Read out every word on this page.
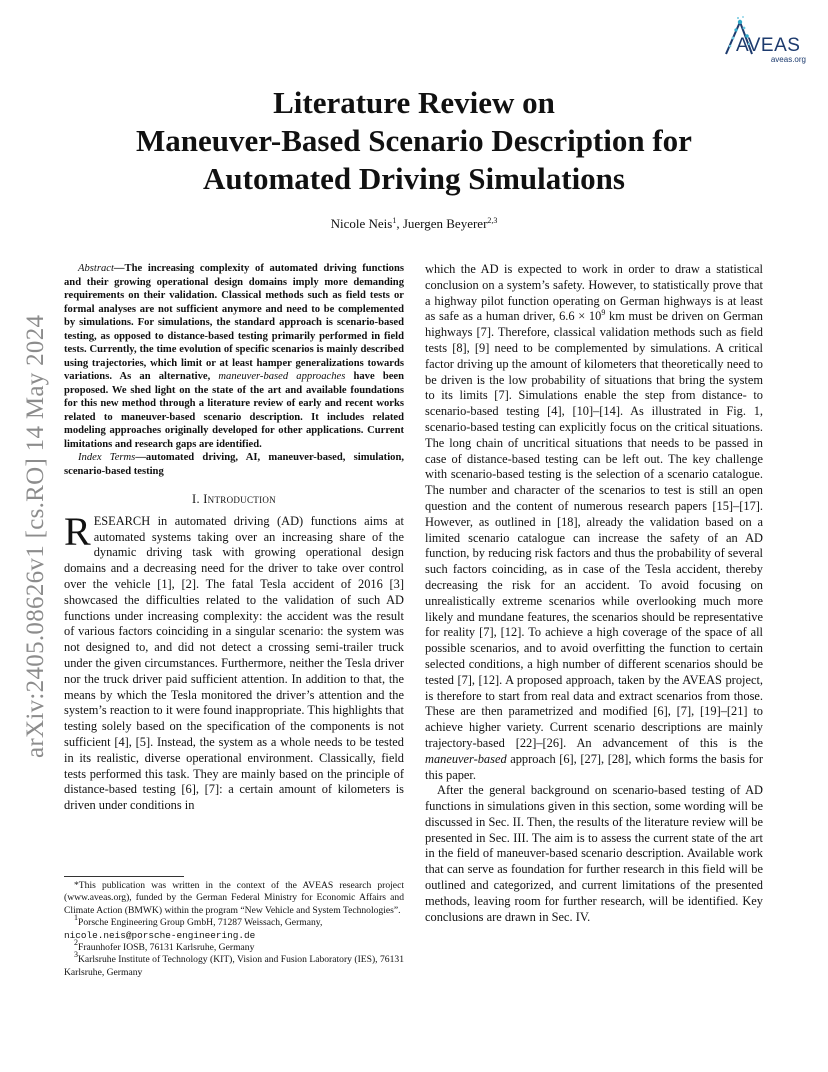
AVEAS
aveas.org
arXiv:2405.08626v1 [cs.RO] 14 May 2024
Literature Review on
Maneuver-Based Scenario Description for
Automated Driving Simulations
Nicole Neis$^1$, Juergen Beyerer$^{2,3}$

Abstract—The increasing complexity of automated driving functions and their growing operational design domains imply more demanding requirements on their validation. Classical methods such as field tests or formal analyses are not sufficient anymore and need to be complemented by simulations. For simulations, the standard approach is scenario-based testing, as opposed to distance-based testing primarily performed in field tests. Currently, the time evolution of specific scenarios is mainly described using trajectories, which limit or at least hamper generalizations towards variations. As an alternative, maneuver-based approaches have been proposed. We shed light on the state of the art and available foundations for this new method through a literature review of early and recent works related to maneuver-based scenario description. It includes related modeling approaches originally developed for other applications. Current limitations and research gaps are identified.

Index Terms—automated driving, AI, maneuver-based, simulation, scenario-based testing

I. Introduction

RESEARCH in automated driving (AD) functions aims at automated systems taking over an increasing share of the dynamic driving task with growing operational design domains and a decreasing need for the driver to take over control over the vehicle [1], [2]. The fatal Tesla accident of 2016 [3] showcased the difficulties related to the validation of such AD functions under increasing complexity: the accident was the result of various factors coinciding in a singular scenario: the system was not designed to, and did not detect a crossing semi-trailer truck under the given circumstances. Furthermore, neither the Tesla driver nor the truck driver paid sufficient attention. In addition to that, the means by which the Tesla monitored the driver’s attention and the system’s reaction to it were found inappropriate. This highlights that testing solely based on the specification of the components is not sufficient [4], [5]. Instead, the system as a whole needs to be tested in its realistic, diverse operational environment. Classically, field tests performed this task. They are mainly based on the principle of distance-based testing [6], [7]: a certain amount of kilometers is driven under conditions in

*This publication was written in the context of the AVEAS research project (www.aveas.org), funded by the German Federal Ministry for Economic Affairs and Climate Action (BMWK) within the program “New Vehicle and System Technologies”.

$^1$Porsche Engineering Group GmbH, 71287 Weissach, Germany,
nicole.neis@porsche-engineering.de

$^2$Fraunhofer IOSB, 76131 Karlsruhe, Germany

$^3$Karlsruhe Institute of Technology (KIT), Vision and Fusion Laboratory (IES), 76131 Karlsruhe, Germany

which the AD is expected to work in order to draw a statistical conclusion on a system’s safety. However, to statistically prove that a highway pilot function operating on German highways is at least as safe as a human driver, $6.6 \times 10^9$ km must be driven on German highways [7]. Therefore, classical validation methods such as field tests [8], [9] need to be complemented by simulations. A critical factor driving up the amount of kilometers that theoretically need to be driven is the low probability of situations that bring the system to its limits [7]. Simulations enable the step from distance- to scenario-based testing [4], [10]–[14]. As illustrated in Fig. 1, scenario-based testing can explicitly focus on the critical situations. The long chain of uncritical situations that needs to be passed in case of distance-based testing can be left out. The key challenge with scenario-based testing is the selection of a scenario catalogue. The number and character of the scenarios to test is still an open question and the content of numerous research papers [15]–[17]. However, as outlined in [18], already the validation based on a limited scenario catalogue can increase the safety of an AD function, by reducing risk factors and thus the probability of several such factors coinciding, as in case of the Tesla accident, thereby decreasing the risk for an accident. To avoid focusing on unrealistically extreme scenarios while overlooking much more likely and mundane features, the scenarios should be representative for reality [7], [12]. To achieve a high coverage of the space of all possible scenarios, and to avoid overfitting the function to certain selected conditions, a high number of different scenarios should be tested [7], [12]. A proposed approach, taken by the AVEAS project, is therefore to start from real data and extract scenarios from those. These are then parametrized and modified [6], [7], [19]–[21] to achieve higher variety. Current scenario descriptions are mainly trajectory-based [22]–[26]. An advancement of this is the maneuver-based approach [6], [27], [28], which forms the basis for this paper.

After the general background on scenario-based testing of AD functions in simulations given in this section, some wording will be discussed in Sec. II. Then, the results of the literature review will be presented in Sec. III. The aim is to assess the current state of the art in the field of maneuver-based scenario description. Available work that can serve as foundation for further research in this field will be outlined and categorized, and current limitations of the presented methods, leaving room for further research, will be identified. Key conclusions are drawn in Sec. IV.
